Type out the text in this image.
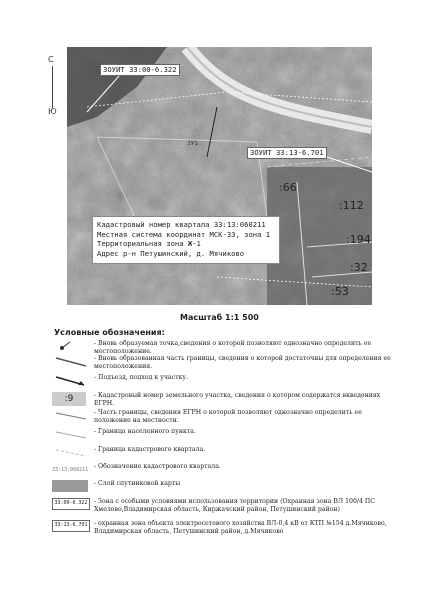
С
Ю
ЗОУИТ 33:00-6.322
ЗОУИТ 33:13-6.701
ЗУ1
Кадастровый номер квартала 33:13:060211
Местная система координат МСК-33, зона 1
Территориальная зона Ж-1
Адрес р-н Петушинский, д. Мячиково
:66
:112
:194
:32
:53
Масштаб 1:1 500
Условные обозначения:
- Вновь образуемая точка,сведения о которой позволяют однозначно определить ее местоположение.
- Вновь образованная часть границы, сведения о которой достаточны для определения ее местоположения.
- Подъезд, подход к участку.
:9	- Кадастровый номер земельного участка, сведения о котором содержатся вкведениях ЕГРН.
- Часть границы, сведения ЕГРН о которой позволяют однозначно определить ее положение на местности.
- Граница населенного пункта.
- Граница кадастрового квартала.
33:13:060211 - Обозначение кадастрового квартала.
- Слой спутниковой карты
33:00-6.322	- Зона с особыми условиями использования территории (Охранная зона ВЛ 100/4 ПС Хмелево,Владимирская область, Киржачский район, Петушинский район)
33:13-6.701	- охранная зона объекта электросетевого хозяйства ВЛ-0,4 кВ от КТП №154 д.Мячиково, Владимирская область, Петушинский район, д.Мячиково
